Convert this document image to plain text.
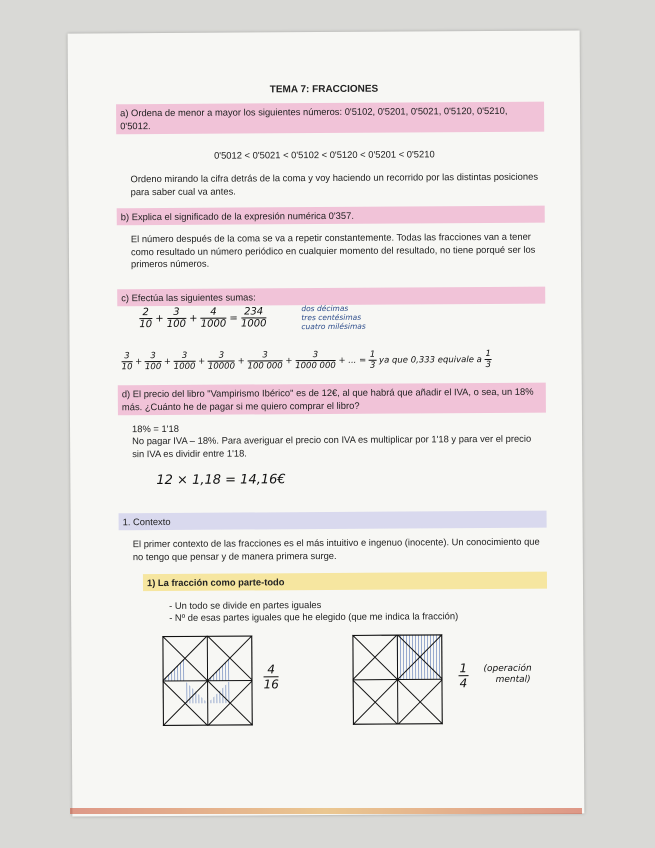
TEMA 7: FRACCIONES
a) Ordena de menor a mayor los siguientes números: 0'5102, 0'5201, 0'5021, 0'5120, 0'5210, 0'5012.
0'5012 < 0'5021 < 0'5102 < 0'5120 < 0'5201 < 0'5210
Ordeno mirando la cifra detrás de la coma y voy haciendo un recorrido por las distintas posiciones para saber cual va antes.
b) Explica el significado de la expresión numérica 0'357.
El número después de la coma se va a repetir constantemente. Todas las fracciones van a tener como resultado un número periódico en cualquier momento del resultado, no tiene porqué ser los primeros números.
c) Efectúa las siguientes sumas:
$\frac{2}{10} + \frac{3}{100} + \frac{4}{1000} = \frac{234}{1000}$	dos décimas
tres centésimas
cuatro milésimas
$\frac{3}{10} + \frac{3}{100} + \frac{3}{1000} + \frac{3}{10000} + \frac{3}{100 000} + \frac{3}{1000 000}$ + ... = $\frac{1}{3}$ ya que 0,333 equivale a $\frac{1}{3}$
d) El precio del libro "Vampirismo Ibérico" es de 12€, al que habrá que añadir el IVA, o sea, un 18% más. ¿Cuánto he de pagar si me quiero comprar el libro?
18% = 1'18
No pagar IVA – 18%. Para averiguar el precio con IVA es multiplicar por 1'18 y para ver el precio sin IVA es dividir entre 1'18.
12 × 1,18 = 14,16€
1. Contexto
El primer contexto de las fracciones es el más intuitivo e ingenuo (inocente). Un conocimiento que no tengo que pensar y de manera primera surge.
1) La fracción como parte-todo
- Un todo se divide en partes iguales
- Nº de esas partes iguales que he elegido (que me indica la fracción)
$\frac{4}{16}$	$\frac{1}{4}$ (operación
mental)
